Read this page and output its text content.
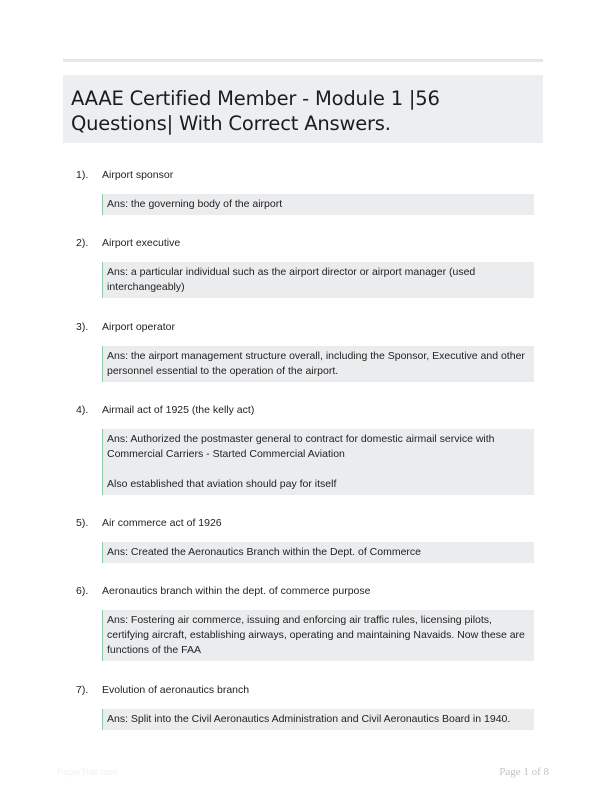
AAAE Certified Member - Module 1 |56 Questions| With Correct Answers.
1). Airport sponsor
Ans: the governing body of the airport
2). Airport executive
Ans: a particular individual such as the airport director or airport manager (used interchangeably)
3). Airport operator
Ans: the airport management structure overall, including the Sponsor, Executive and other personnel essential to the operation of the airport.
4). Airmail act of 1925 (the kelly act)
Ans: Authorized the postmaster general to contract for domestic airmail service with Commercial Carriers - Started Commercial Aviation
Also established that aviation should pay for itself
5). Air commerce act of 1926
Ans: Created the Aeronautics Branch within the Dept. of Commerce
6). Aeronautics branch within the dept. of commerce purpose
Ans: Fostering air commerce, issuing and enforcing air traffic rules, licensing pilots, certifying aircraft, establishing airways, operating and maintaining Navaids. Now these are functions of the FAA
7). Evolution of aeronautics branch
Ans: Split into the Civil Aeronautics Administration and Civil Aeronautics Board in 1940.
PaperTrail.com	Page 1 of 8
